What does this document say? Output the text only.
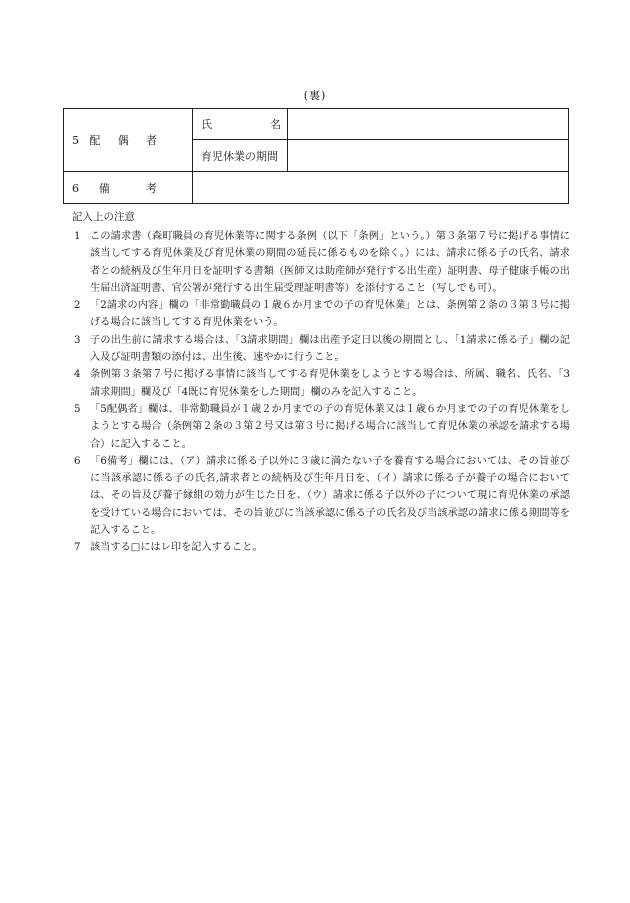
(裏)
5 配 偶 者	氏 名	

	育児休業の期間	

6 備 考		

記入上の注意
1 この請求書（森町職員の育児休業等に関する条例（以下「条例」という。）第３条第７号に掲げる事情に該当してする育児休業及び育児休業の期間の延長に係るものを除く。）には、請求に係る子の氏名、請求者との続柄及び生年月日を証明する書類（医師又は助産師が発行する出生産）証明書、母子健康手帳の出生届出済証明書、官公署が発行する出生届受理証明書等）を添付すること（写しでも可）。
2 「2請求の内容」欄の「非常勤職員の１歳６か月までの子の育児休業」とは、条例第２条の３第３号に掲げる場合に該当してする育児休業をいう。
3 子の出生前に請求する場合は、「3請求期間」欄は出産予定日以後の期間とし、「1請求に係る子」欄の記入及び証明書類の添付は、出生後、速やかに行うこと。
4 条例第３条第７号に掲げる事情に該当してする育児休業をしようとする場合は、所属、職名、氏名、「3請求期間」欄及び「4既に育児休業をした期間」欄のみを記入すること。
5 「5配偶者」欄は、非常勤職員が１歳２か月までの子の育児休業又は１歳６か月までの子の育児休業をしようとする場合（条例第２条の３第２号又は第３号に掲げる場合に該当して育児休業の承認を請求する場合）に記入すること。
6 「6備考」欄には、（ア）請求に係る子以外に３歳に満たない子を養育する場合においては、その旨並びに当該承認に係る子の氏名,請求者との続柄及び生年月日を、（イ）請求に係る子が養子の場合においては、その旨及び養子縁組の効力が生じた日を、（ウ）請求に係る子以外の子について現に育児休業の承認を受けている場合においては、その旨並びに当該承認に係る子の氏名及び当該承認の請求に係る期間等を記入すること。
7 該当する□にはレ印を記入すること。
